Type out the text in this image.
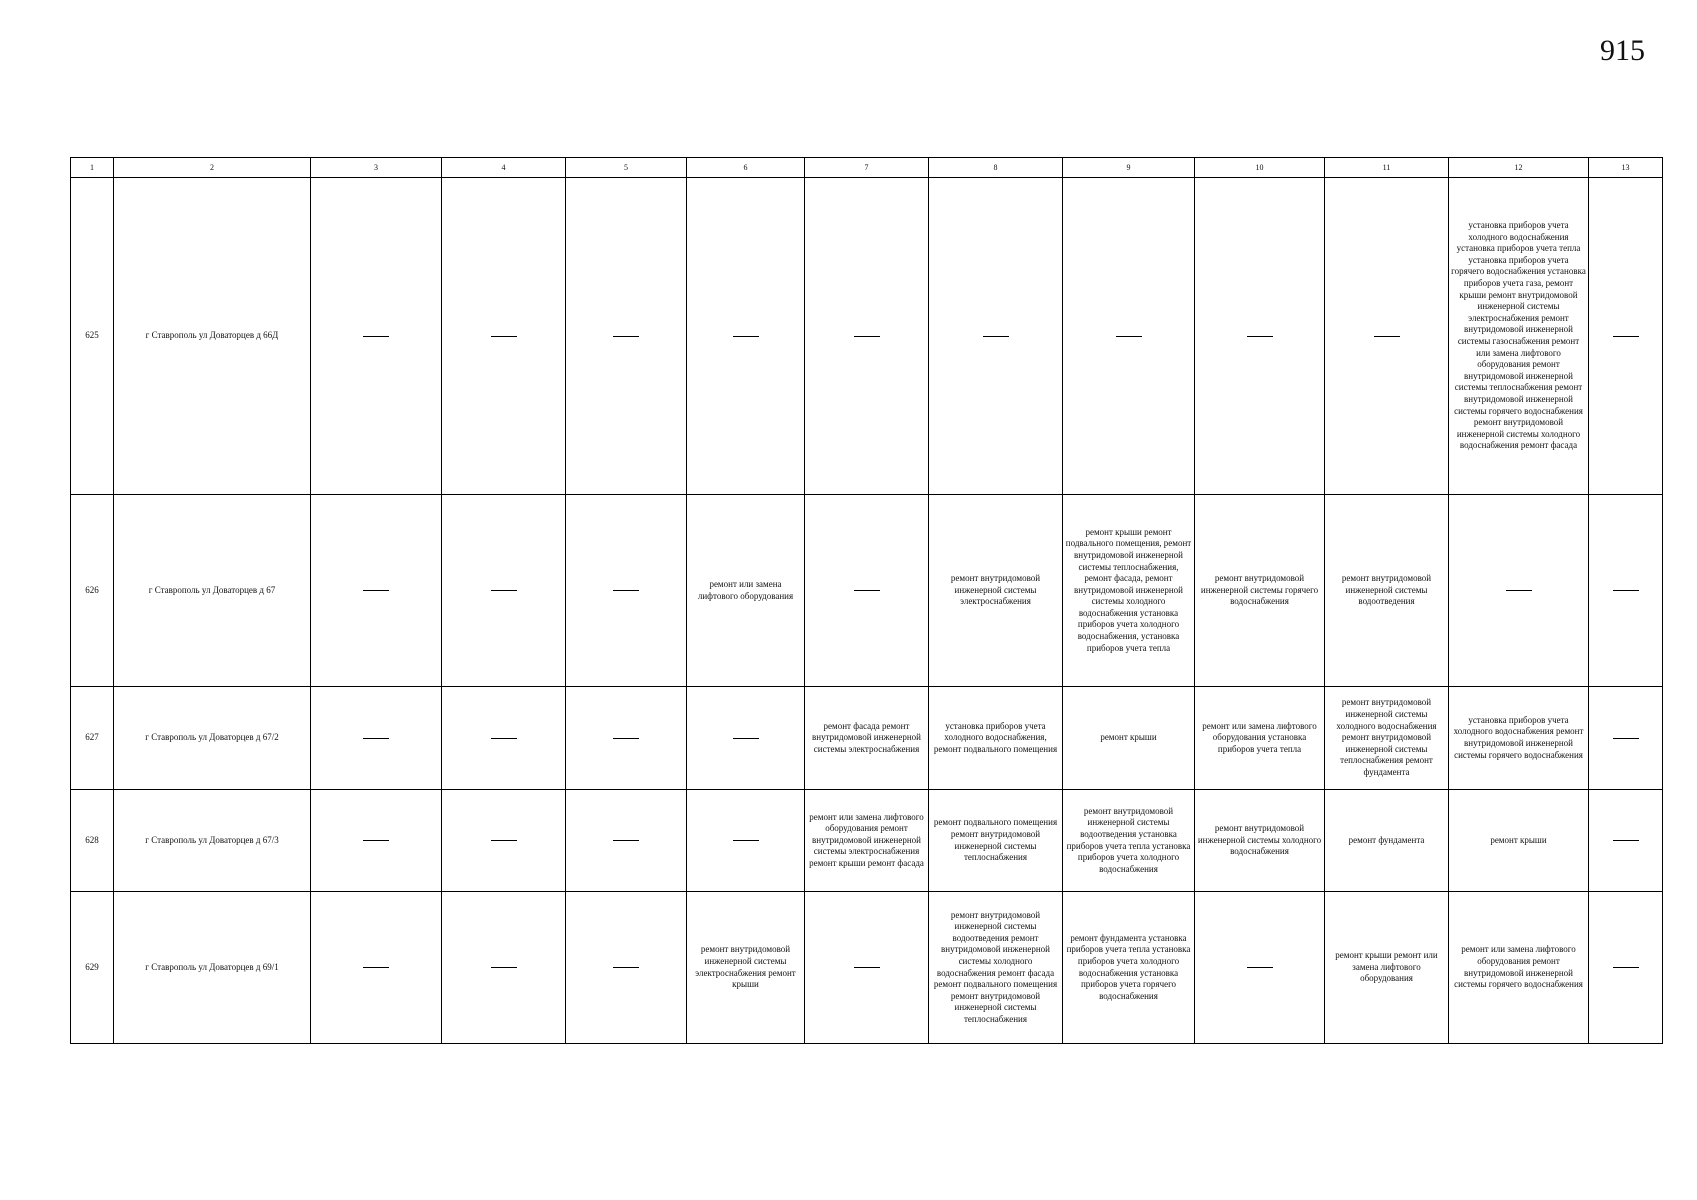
915
1	2	3	4	5	6	7	8	9	10	11	12	13
625	г Ставрополь ул Доваторцев д 66Д										установка приборов учета холодного водоснабжения установка приборов учета тепла установка приборов учета горячего водоснабжения установка приборов учета газа, ремонт крыши ремонт внутридомовой инженерной системы электроснабжения ремонт внутридомовой инженерной системы газоснабжения ремонт или замена лифтового оборудования ремонт внутридомовой инженерной системы теплоснабжения ремонт внутридомовой инженерной системы горячего водоснабжения ремонт внутридомовой инженерной системы холодного водоснабжения ремонт фасада	
626	г Ставрополь ул Доваторцев д 67				ремонт или замена лифтового оборудования		ремонт внутридомовой инженерной системы электроснабжения	ремонт крыши ремонт подвального помещения, ремонт внутридомовой инженерной системы теплоснабжения, ремонт фасада, ремонт внутридомовой инженерной системы холодного водоснабжения установка приборов учета холодного водоснабжения, установка приборов учета тепла	ремонт внутридомовой инженерной системы горячего водоснабжения	ремонт внутридомовой инженерной системы водоотведения		
627	г Ставрополь ул Доваторцев д 67/2					ремонт фасада ремонт внутридомовой инженерной системы электроснабжения	установка приборов учета холодного водоснабжения, ремонт подвального помещения	ремонт крыши	ремонт или замена лифтового оборудования установка приборов учета тепла	ремонт внутридомовой инженерной системы холодного водоснабжения ремонт внутридомовой инженерной системы теплоснабжения ремонт фундамента	установка приборов учета холодного водоснабжения ремонт внутридомовой инженерной системы горячего водоснабжения	
628	г Ставрополь ул Доваторцев д 67/3					ремонт или замена лифтового оборудования ремонт внутридомовой инженерной системы электроснабжения ремонт крыши ремонт фасада	ремонт подвального помещения ремонт внутридомовой инженерной системы теплоснабжения	ремонт внутридомовой инженерной системы водоотведения установка приборов учета тепла установка приборов учета холодного водоснабжения	ремонт внутридомовой инженерной системы холодного водоснабжения	ремонт фундамента	ремонт крыши	
629	г Ставрополь ул Доваторцев д 69/1				ремонт внутридомовой инженерной системы электроснабжения ремонт крыши		ремонт внутридомовой инженерной системы водоотведения ремонт внутридомовой инженерной системы холодного водоснабжения ремонт фасада ремонт подвального помещения ремонт внутридомовой инженерной системы теплоснабжения	ремонт фундамента установка приборов учета тепла установка приборов учета холодного водоснабжения установка приборов учета горячего водоснабжения		ремонт крыши ремонт или замена лифтового оборудования	ремонт или замена лифтового оборудования ремонт внутридомовой инженерной системы горячего водоснабжения	
